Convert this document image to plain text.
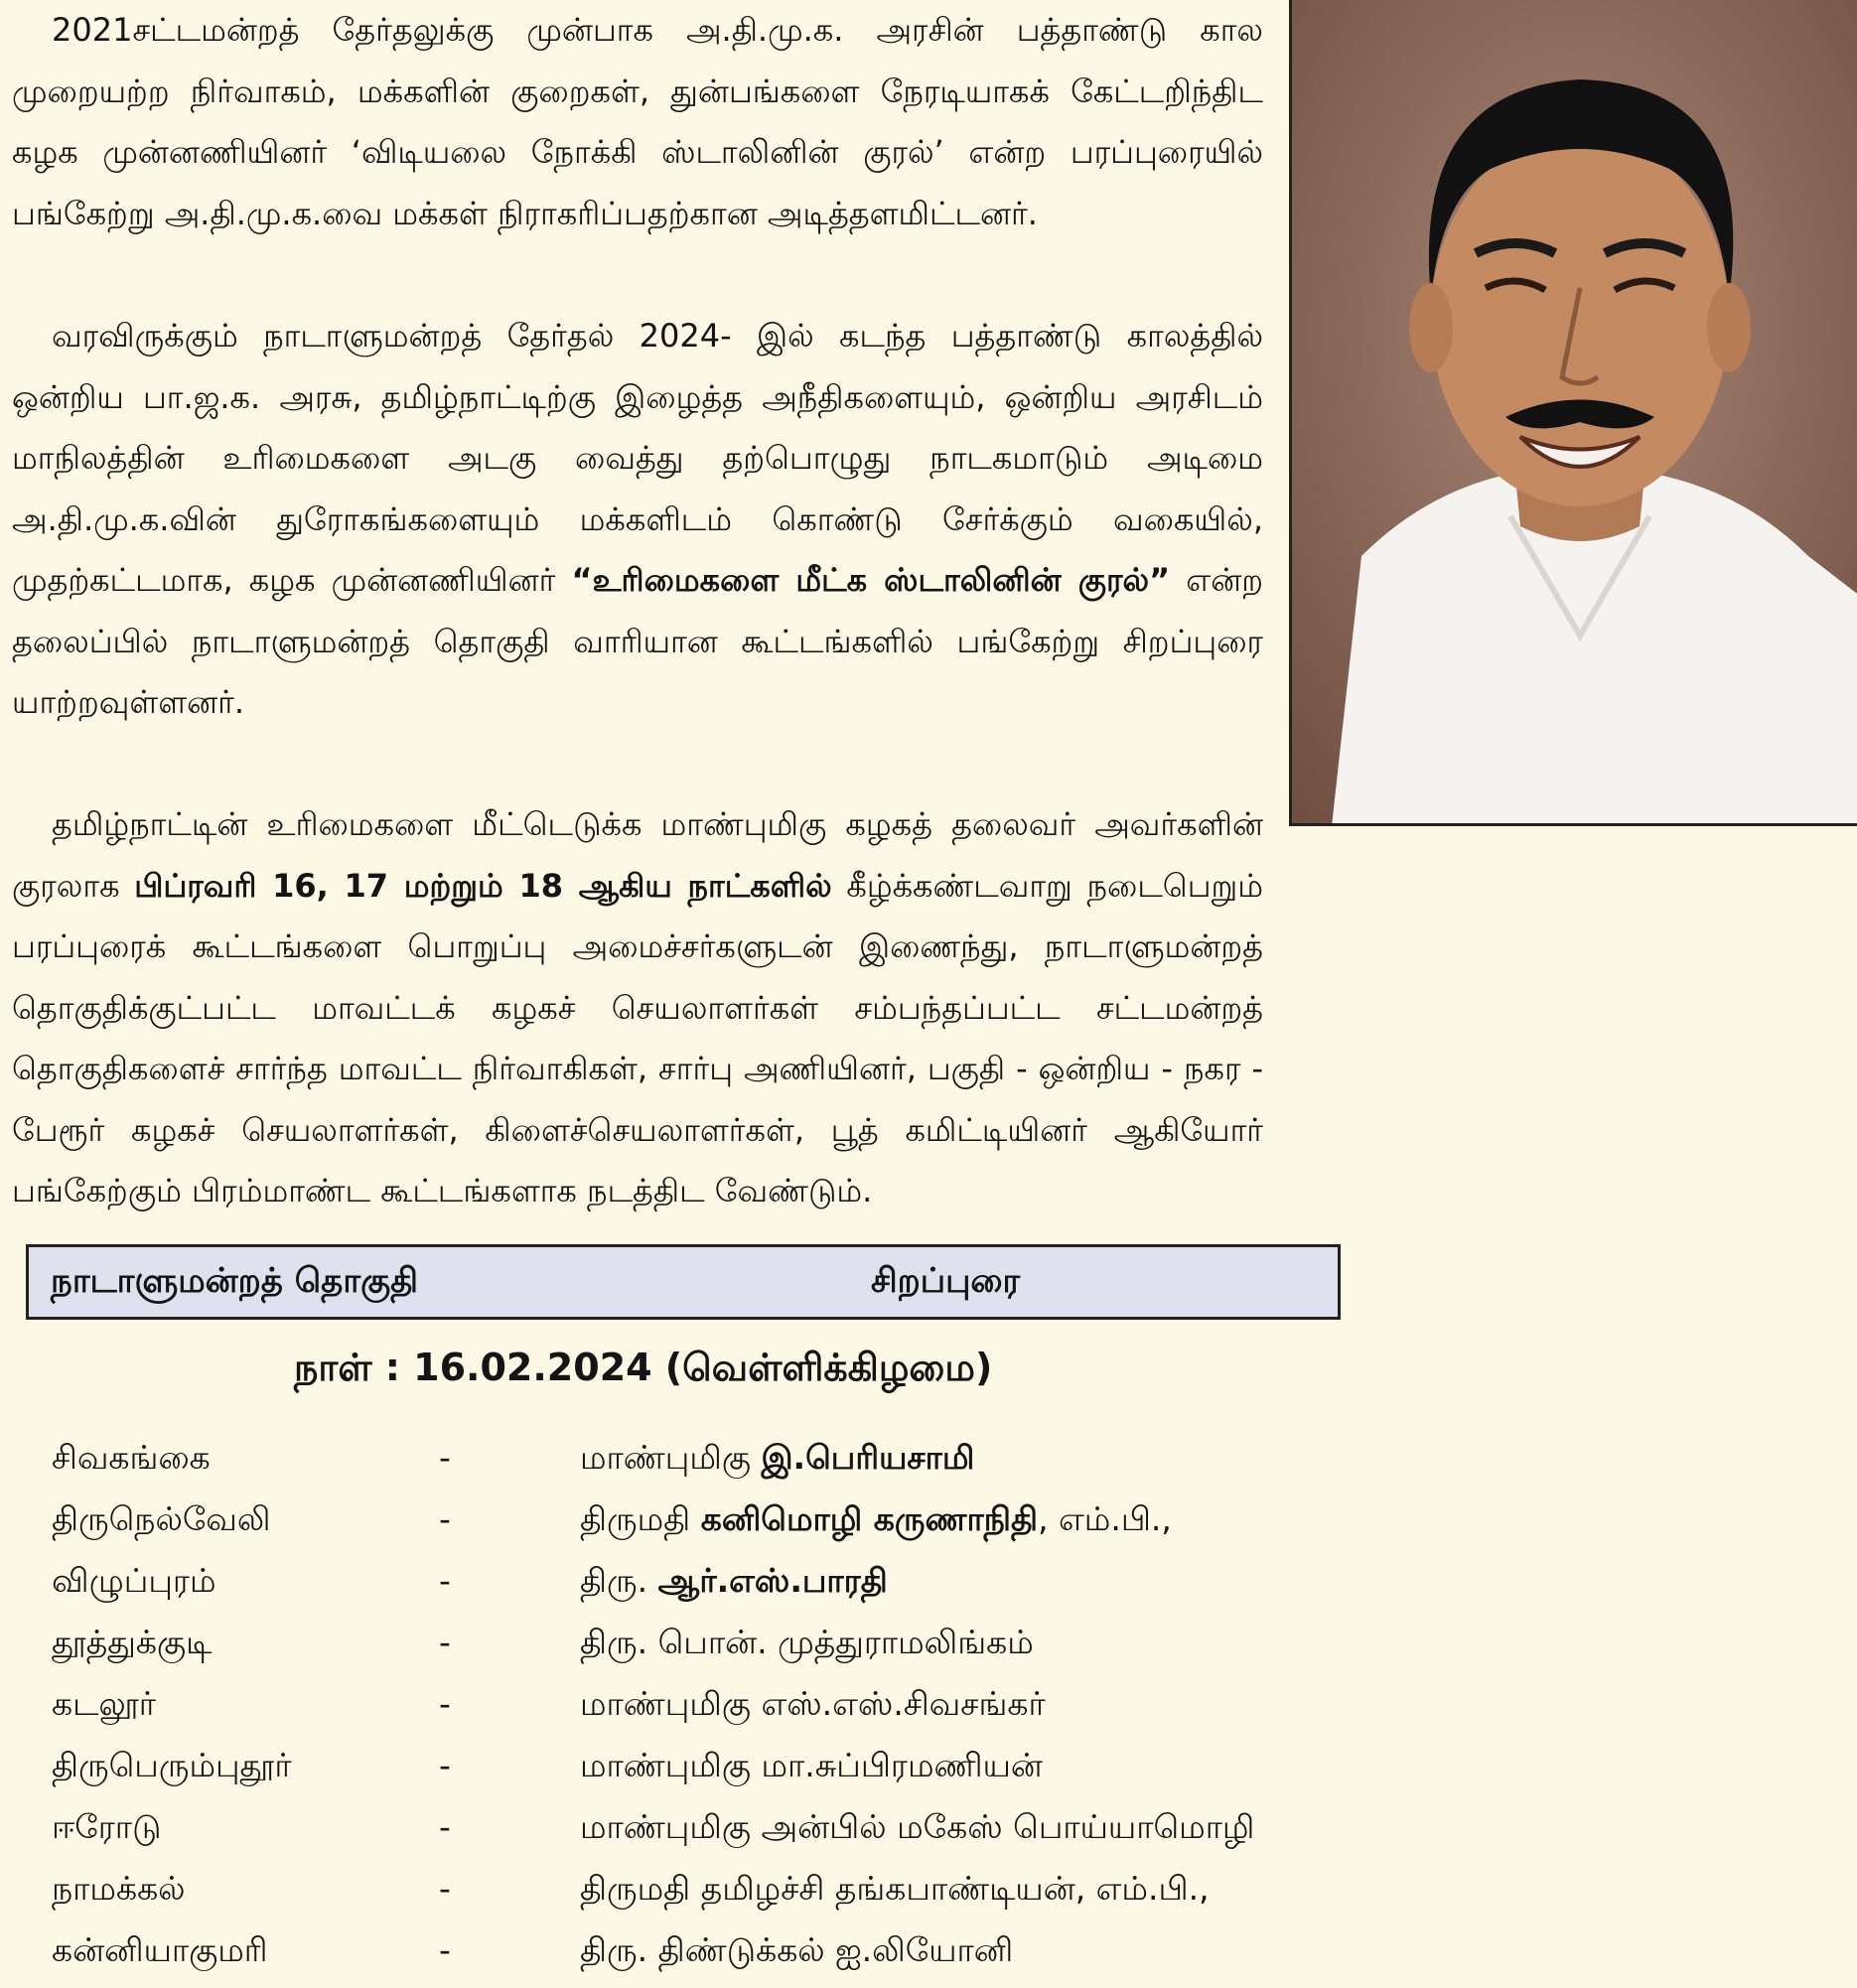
2021சட்டமன்றத் தேர்தலுக்கு முன்பாக அ.தி.மு.க. அரசின் பத்தாண்டு கால முறையற்ற நிர்வாகம், மக்களின் குறைகள், துன்பங்களை நேரடியாகக் கேட்டறிந்திட கழக முன்னணியினர் ‘விடியலை நோக்கி ஸ்டாலினின் குரல்’ என்ற பரப்புரையில் பங்கேற்று அ.தி.மு.க.வை மக்கள் நிராகரிப்பதற்கான அடித்தளமிட்டனர்.

வரவிருக்கும் நாடாளுமன்றத் தேர்தல் 2024- இல் கடந்த பத்தாண்டு காலத்தில் ஒன்றிய பா.ஜ.க. அரசு, தமிழ்நாட்டிற்கு இழைத்த அநீதிகளையும், ஒன்றிய அரசிடம் மாநிலத்தின் உரிமைகளை அடகு வைத்து தற்பொழுது நாடகமாடும் அடிமை அ.தி.மு.க.வின் துரோகங்களையும் மக்களிடம் கொண்டு சேர்க்கும் வகையில், முதற்கட்டமாக, கழக முன்னணியினர் “உரிமைகளை மீட்க ஸ்டாலினின் குரல்” என்ற தலைப்பில் நாடாளுமன்றத் தொகுதி வாரியான கூட்டங்களில் பங்கேற்று சிறப்புரை யாற்றவுள்ளனர்.

தமிழ்நாட்டின் உரிமைகளை மீட்டெடுக்க மாண்புமிகு கழகத் தலைவர் அவர்களின் குரலாக பிப்ரவரி 16, 17 மற்றும் 18 ஆகிய நாட்களில் கீழ்க்கண்டவாறு நடைபெறும் பரப்புரைக் கூட்டங்களை பொறுப்பு அமைச்சர்களுடன் இணைந்து, நாடாளுமன்றத் தொகுதிக்குட்பட்ட மாவட்டக் கழகச் செயலாளர்கள் சம்பந்தப்பட்ட சட்டமன்றத் தொகுதிகளைச் சார்ந்த மாவட்ட நிர்வாகிகள், சார்பு அணியினர், பகுதி - ஒன்றிய - நகர - பேரூர் கழகச் செயலாளர்கள், கிளைச்செயலாளர்கள், பூத் கமிட்டியினர் ஆகியோர் பங்கேற்கும் பிரம்மாண்ட கூட்டங்களாக நடத்திட வேண்டும்.

நாடாளுமன்றத் தொகுதி	சிறப்புரை

நாள் : 16.02.2024 (வெள்ளிக்கிழமை)

சிவகங்கை	-	மாண்புமிகு இ.பெரியசாமி
திருநெல்வேலி	-	திருமதி கனிமொழி கருணாநிதி, எம்.பி.,
விழுப்புரம்	-	திரு. ஆர்.எஸ்.பாரதி
தூத்துக்குடி	-	திரு. பொன். முத்துராமலிங்கம்
கடலூர்	-	மாண்புமிகு எஸ்.எஸ்.சிவசங்கர்
திருபெரும்புதூர்	-	மாண்புமிகு மா.சுப்பிரமணியன்
ஈரோடு	-	மாண்புமிகு அன்பில் மகேஸ் பொய்யாமொழி
நாமக்கல்	-	திருமதி தமிழச்சி தங்கபாண்டியன், எம்.பி.,
கன்னியாகுமரி	-	திரு. திண்டுக்கல் ஐ.லியோனி
